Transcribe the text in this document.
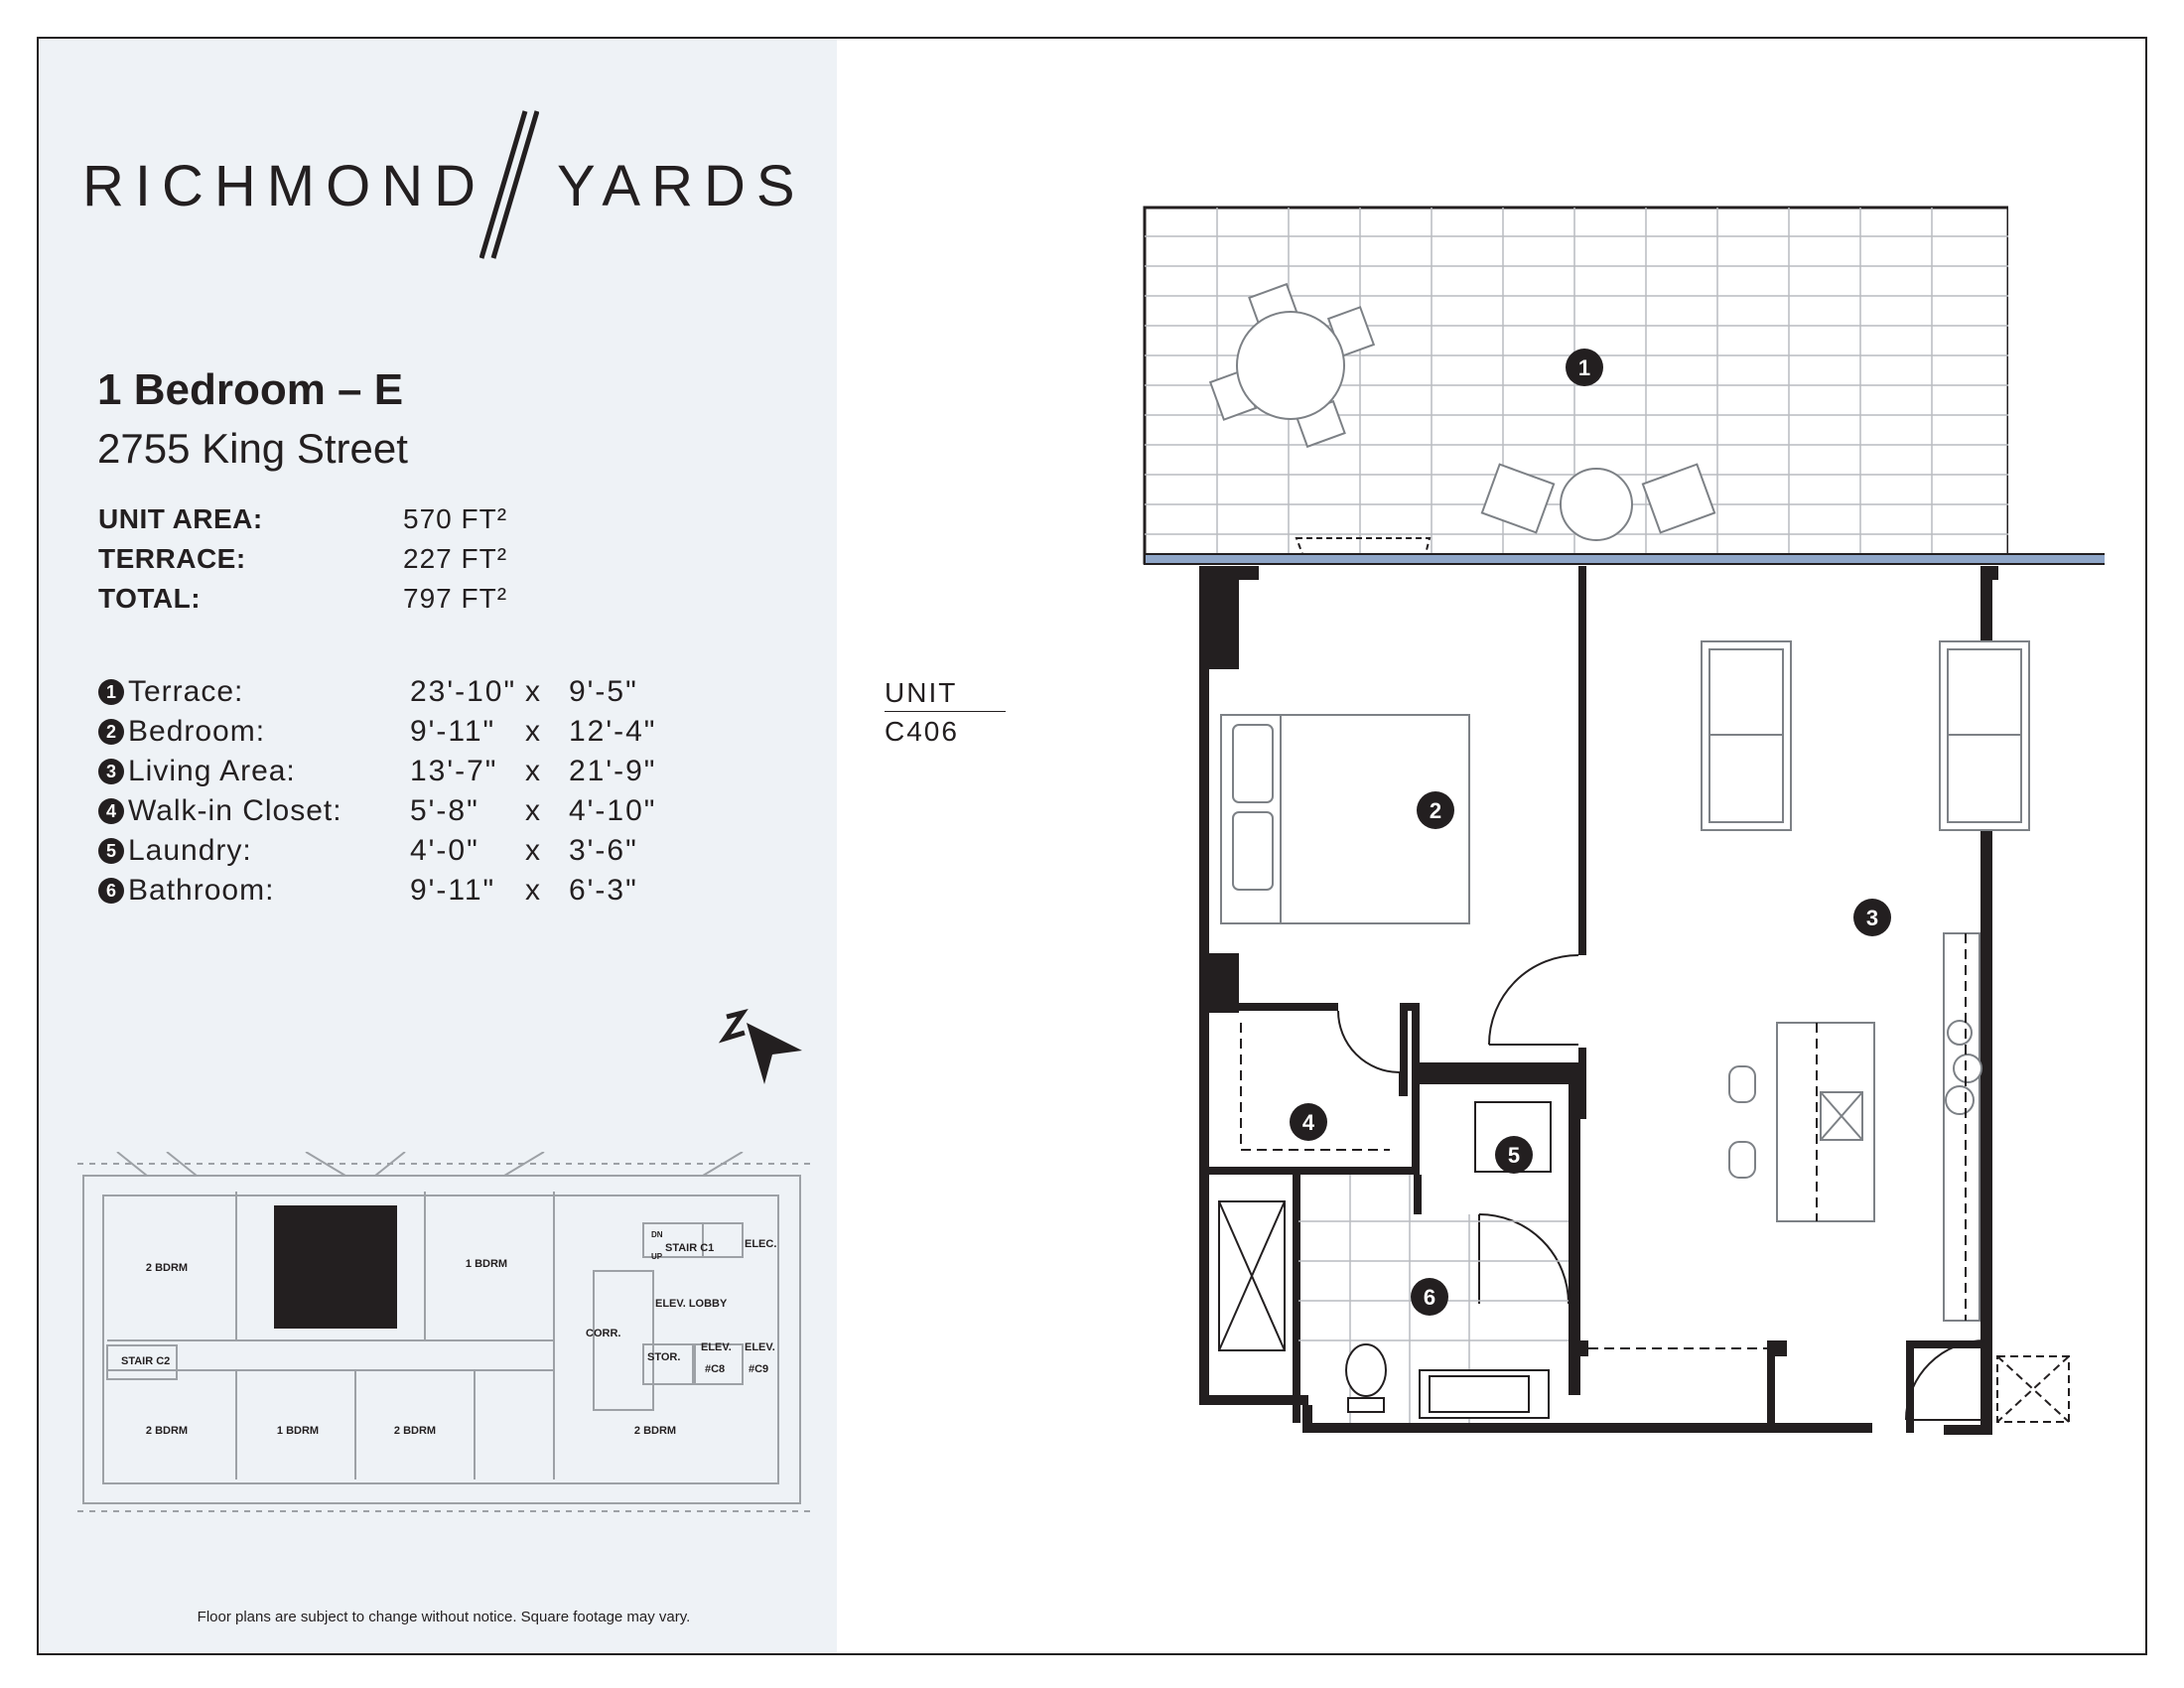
RICHMOND YARDS
1 Bedroom – E
2755 King Street
UNIT AREA:	570 FT²
TERRACE:	227 FT²
TOTAL:	797 FT²
1 Terrace:	23'-10" x 9'-5"
2 Bedroom:	9'-11" x 12'-4"
3 Living Area:	13'-7" x 21'-9"
4 Walk-in Closet: 5'-8" x 4'-10"
5 Laundry:	4'-0" x 3'-6"
6 Bathroom:	9'-11" x 6'-3"
2 BDRM	1 BDRM
2 BDRM	1 BDRM	2 BDRM	2 BDRM
STAIR C1
STAIR C2
ELEC.
ELEV. LOBBY
CORR.
STOR.
ELEV. ELEV.
#C8 #C9
DN
UP
Floor plans are subject to change without notice. Square footage may vary.
UNIT
C406
1
2
3
4
5
6
